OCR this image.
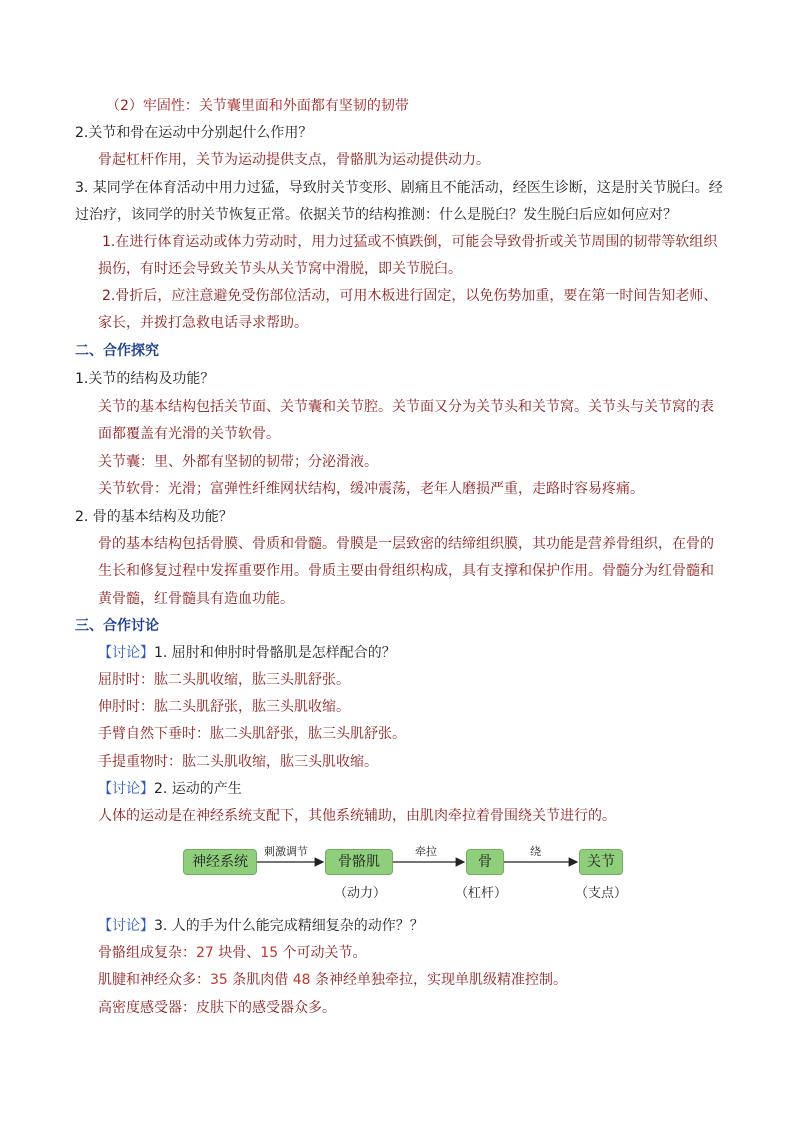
（2）牢固性：关节囊里面和外面都有坚韧的韧带
2.关节和骨在运动中分别起什么作用？
骨起杠杆作用，关节为运动提供支点，骨骼肌为运动提供动力。
3. 某同学在体育活动中用力过猛，导致肘关节变形、剧痛且不能活动，经医生诊断，这是肘关节脱臼。经
过治疗，该同学的肘关节恢复正常。依据关节的结构推测：什么是脱臼？发生脱臼后应如何应对？
1.在进行体育运动或体力劳动时，用力过猛或不慎跌倒，可能会导致骨折或关节周围的韧带等软组织
损伤，有时还会导致关节头从关节窝中滑脱，即关节脱臼。
2.骨折后，应注意避免受伤部位活动，可用木板进行固定，以免伤势加重，要在第一时间告知老师、
家长，并拨打急救电话寻求帮助。
二、合作探究
1.关节的结构及功能？
关节的基本结构包括关节面、关节囊和关节腔。关节面又分为关节头和关节窝。关节头与关节窝的表
面都覆盖有光滑的关节软骨。
关节囊：里、外都有坚韧的韧带；分泌滑液。
关节软骨：光滑；富弹性纤维网状结构，缓冲震荡，老年人磨损严重，走路时容易疼痛。
2. 骨的基本结构及功能？
骨的基本结构包括骨膜、骨质和骨髓。骨膜是一层致密的结缔组织膜，其功能是营养骨组织，在骨的
生长和修复过程中发挥重要作用。骨质主要由骨组织构成，具有支撑和保护作用。骨髓分为红骨髓和
黄骨髓，红骨髓具有造血功能。
三、合作讨论
【讨论】1. 屈肘和伸肘时骨骼肌是怎样配合的？
屈肘时：肱二头肌收缩，肱三头肌舒张。
伸肘时：肱二头肌舒张，肱三头肌收缩。
手臂自然下垂时：肱二头肌舒张，肱三头肌舒张。
手提重物时：肱二头肌收缩，肱三头肌收缩。
【讨论】2. 运动的产生
人体的运动是在神经系统支配下，其他系统辅助，由肌肉牵拉着骨围绕关节进行的。
神经系统	骨骼肌	骨	关节
刺激调节	牵拉	绕
（动力）	（杠杆）	（支点）
【讨论】3. 人的手为什么能完成精细复杂的动作？？
骨骼组成复杂：27 块骨、15 个可动关节。
肌腱和神经众多：35 条肌肉借 48 条神经单独牵拉，实现单肌级精准控制。
高密度感受器：皮肤下的感受器众多。
